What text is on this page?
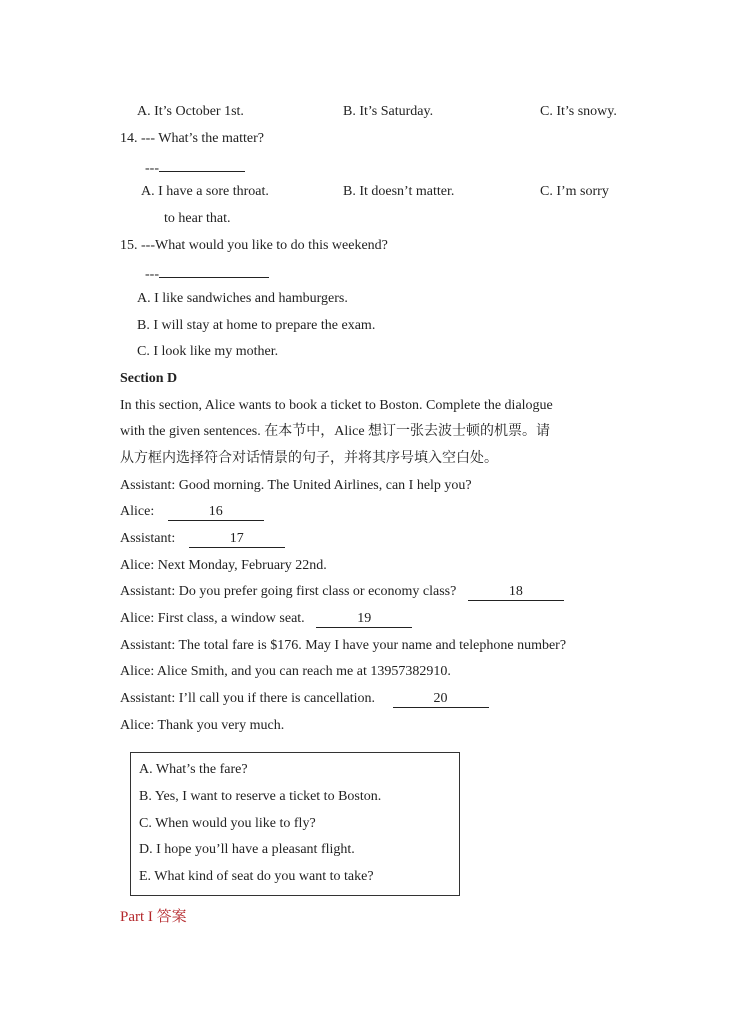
A. It’s October 1st.	B. It’s Saturday.	C. It’s snowy.
14. --- What’s the matter?
---
A. I have a sore throat.	B. It doesn’t matter.	C. I’m sorry
to hear that.
15. ---What would you like to do this weekend?
---
A. I like sandwiches and hamburgers.
B. I will stay at home to prepare the exam.
C. I look like my mother.
Section D
In this section, Alice wants to book a ticket to Boston. Complete the dialogue
with the given sentences. 在本节中，Alice 想订一张去波士顿的机票。请
从方框内选择符合对话情景的句子，并将其序号填入空白处。
Assistant: Good morning. The United Airlines, can I help you?
Alice:	16
Assistant:	17
Alice: Next Monday, February 22nd.
Assistant: Do you prefer going first class or economy class?	18
Alice: First class, a window seat.	19
Assistant: The total fare is $176. May I have your name and telephone number?
Alice: Alice Smith, and you can reach me at 13957382910.
Assistant: I’ll call you if there is cancellation.	20
Alice: Thank you very much.
A. What’s the fare?
B. Yes, I want to reserve a ticket to Boston.
C. When would you like to fly?
D. I hope you’ll have a pleasant flight.
E. What kind of seat do you want to take?
Part I 答案
